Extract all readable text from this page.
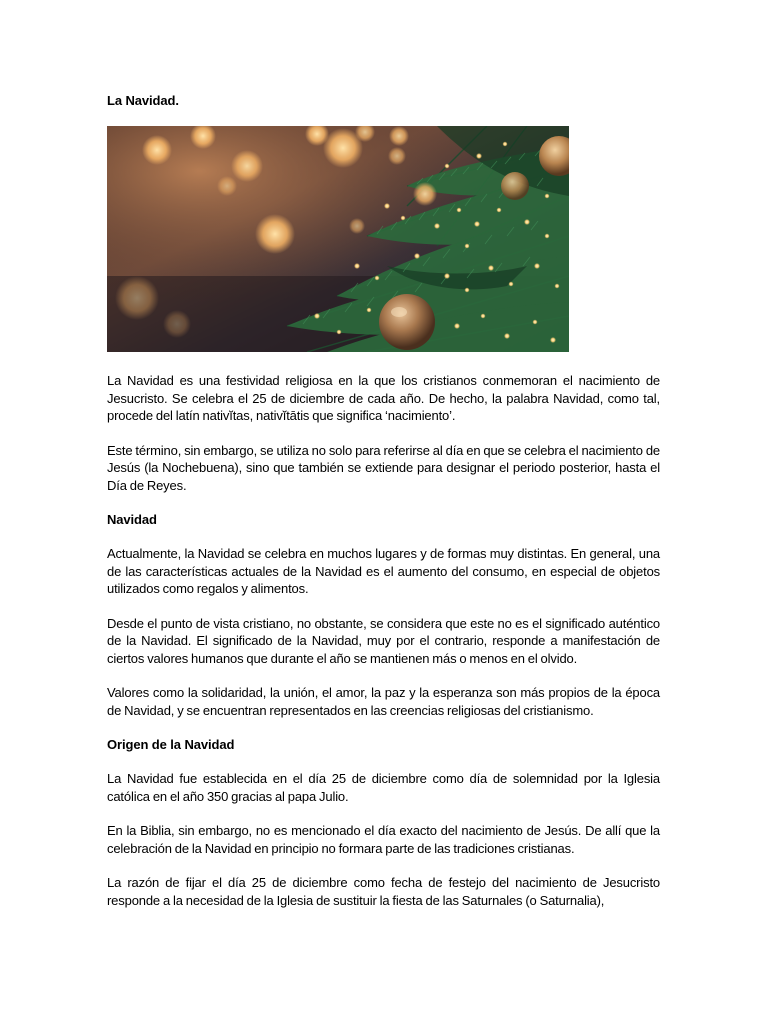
La Navidad.

La Navidad es una festividad religiosa en la que los cristianos conmemoran el nacimiento de Jesucristo. Se celebra el 25 de diciembre de cada año. De hecho, la palabra Navidad, como tal, procede del latín nativĭtas, nativĭtātis que significa ‘nacimiento’.

Este término, sin embargo, se utiliza no solo para referirse al día en que se celebra el nacimiento de Jesús (la Nochebuena), sino que también se extiende para designar el periodo posterior, hasta el Día de Reyes.

Navidad

Actualmente, la Navidad se celebra en muchos lugares y de formas muy distintas. En general, una de las características actuales de la Navidad es el aumento del consumo, en especial de objetos utilizados como regalos y alimentos.

Desde el punto de vista cristiano, no obstante, se considera que este no es el significado auténtico de la Navidad. El significado de la Navidad, muy por el contrario, responde a manifestación de ciertos valores humanos que durante el año se mantienen más o menos en el olvido.

Valores como la solidaridad, la unión, el amor, la paz y la esperanza son más propios de la época de Navidad, y se encuentran representados en las creencias religiosas del cristianismo.

Origen de la Navidad

La Navidad fue establecida en el día 25 de diciembre como día de solemnidad por la Iglesia católica en el año 350 gracias al papa Julio.

En la Biblia, sin embargo, no es mencionado el día exacto del nacimiento de Jesús. De allí que la celebración de la Navidad en principio no formara parte de las tradiciones cristianas.

La razón de fijar el día 25 de diciembre como fecha de festejo del nacimiento de Jesucristo responde a la necesidad de la Iglesia de sustituir la fiesta de las Saturnales (o Saturnalia),
